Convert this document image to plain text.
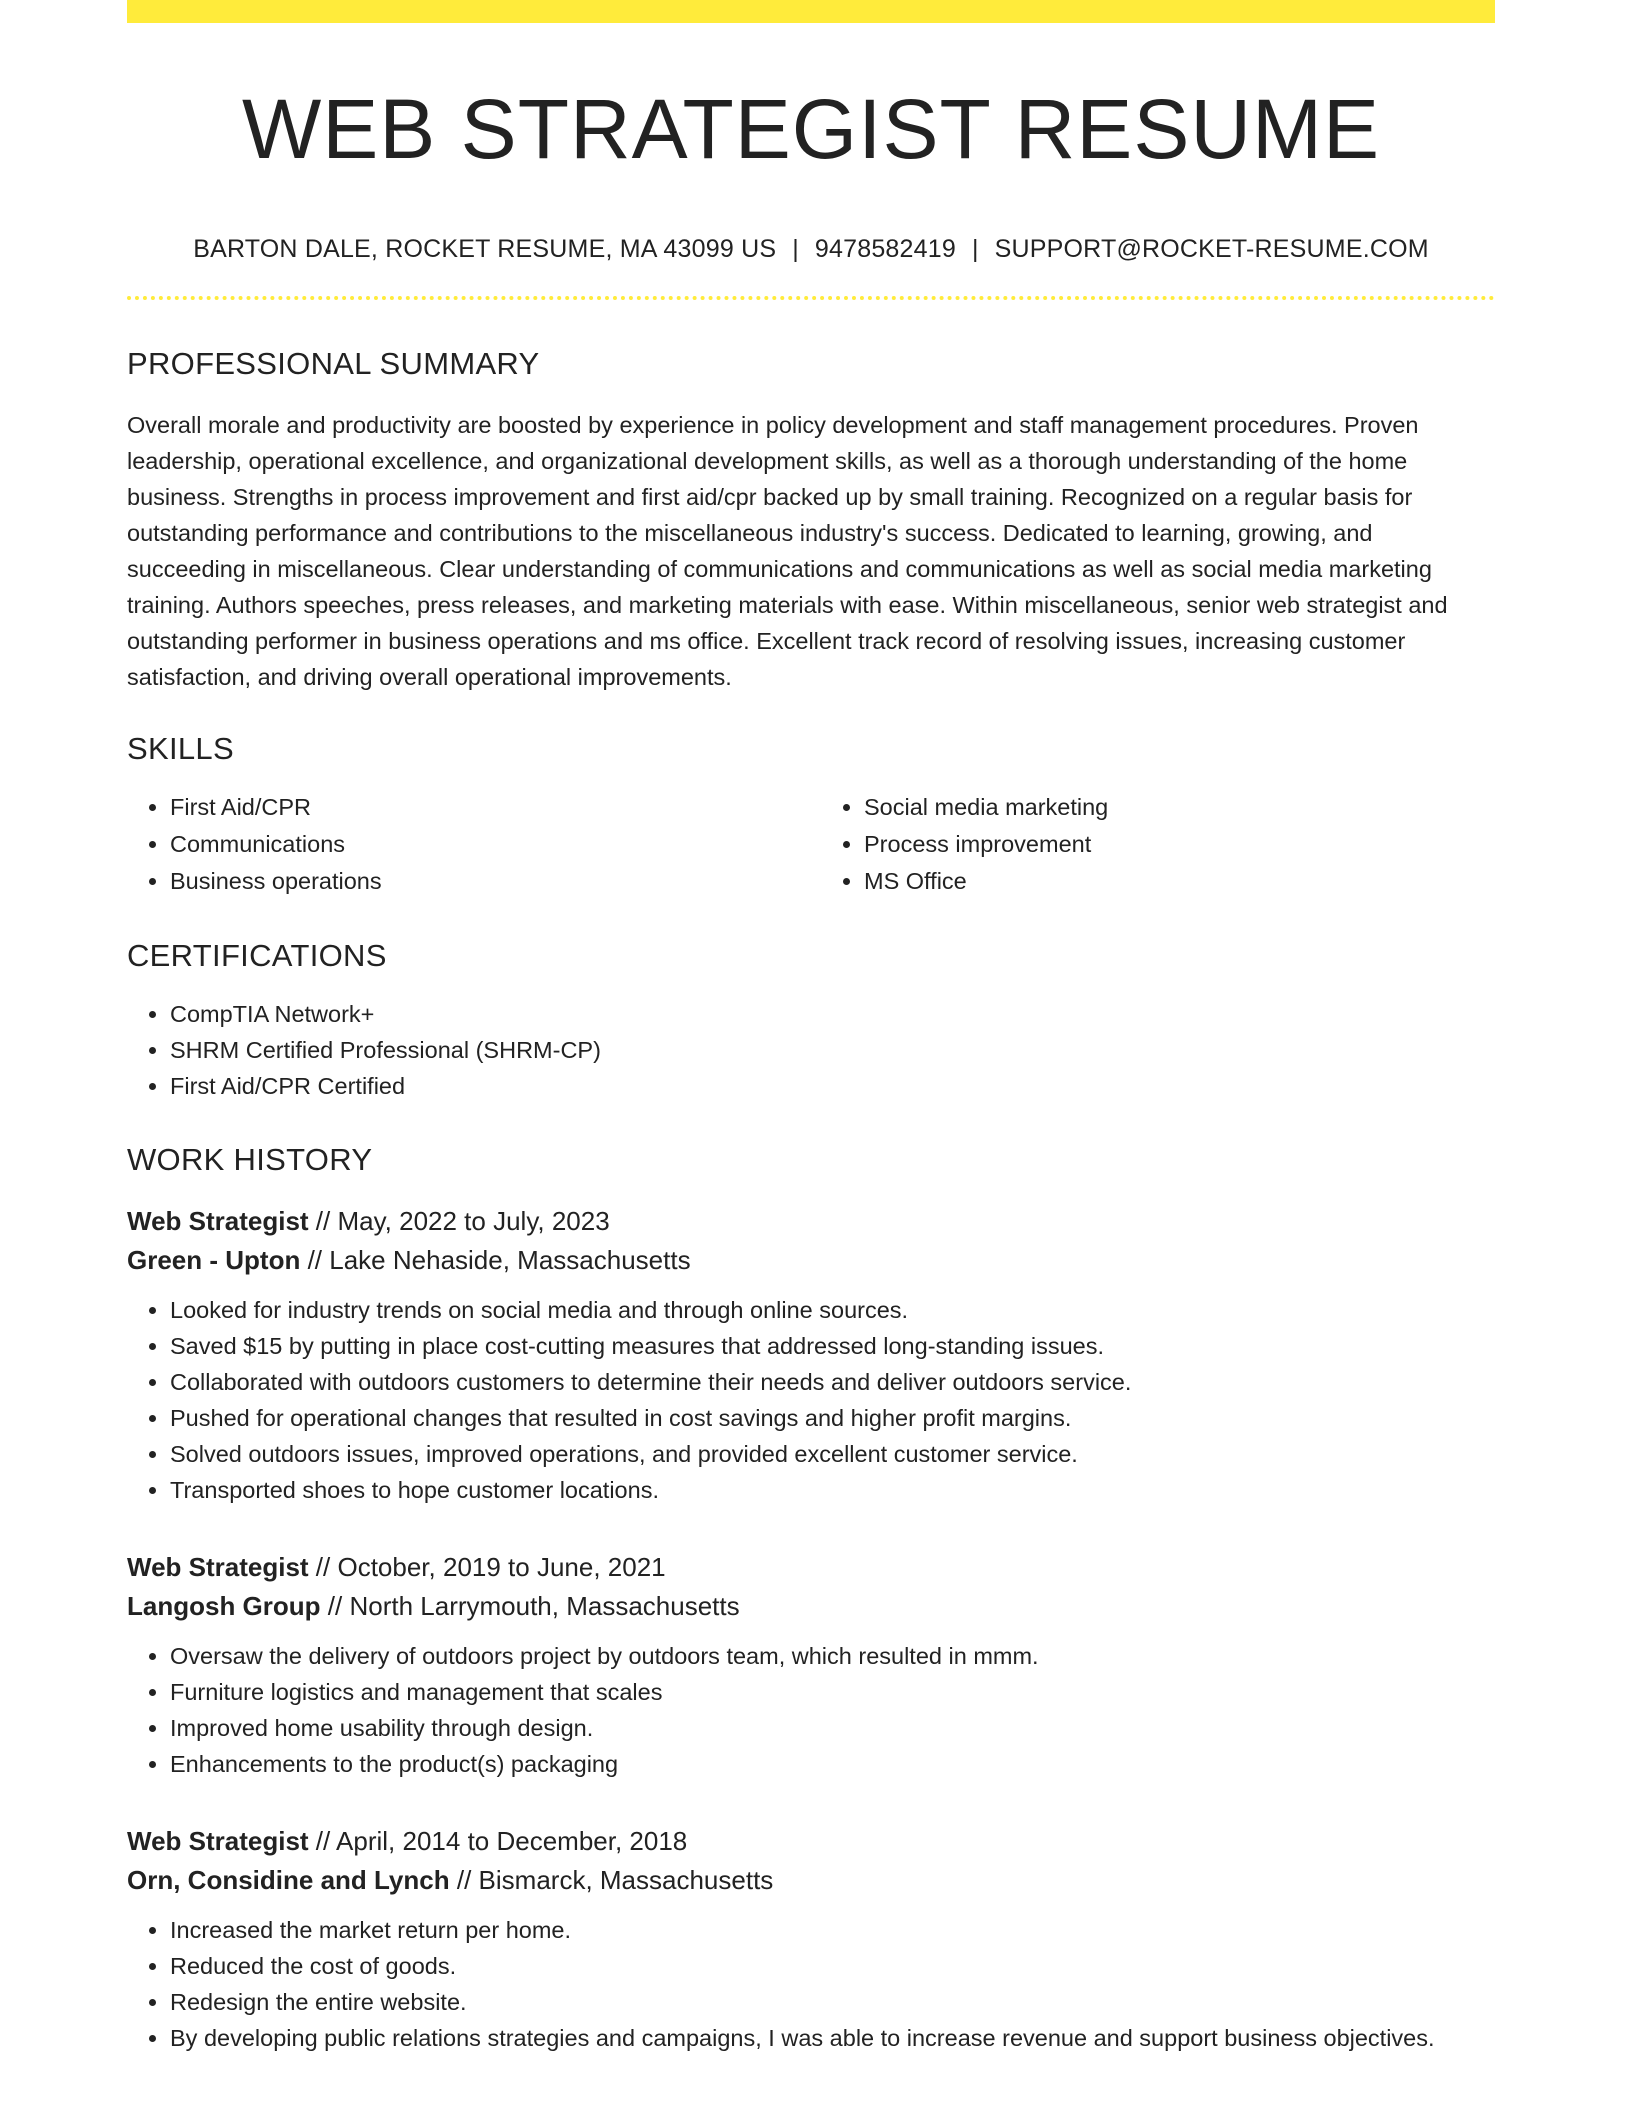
WEB STRATEGIST RESUME
BARTON DALE, ROCKET RESUME, MA 43099 US | 9478582419 | SUPPORT@ROCKET-RESUME.COM
PROFESSIONAL SUMMARY

Overall morale and productivity are boosted by experience in policy development and staff management procedures. Proven leadership, operational excellence, and organizational development skills, as well as a thorough understanding of the home business. Strengths in process improvement and first aid/cpr backed up by small training. Recognized on a regular basis for outstanding performance and contributions to the miscellaneous industry's success. Dedicated to learning, growing, and succeeding in miscellaneous. Clear understanding of communications and communications as well as social media marketing training. Authors speeches, press releases, and marketing materials with ease. Within miscellaneous, senior web strategist and outstanding performer in business operations and ms office. Excellent track record of resolving issues, increasing customer satisfaction, and driving overall operational improvements.

SKILLS
• First Aid/CPR
• Communications
• Business operations
• Social media marketing
• Process improvement
• MS Office
CERTIFICATIONS
• CompTIA Network+
• SHRM Certified Professional (SHRM-CP)
• First Aid/CPR Certified
WORK HISTORY
Web Strategist // May, 2022 to July, 2023
Green - Upton // Lake Nehaside, Massachusetts
• Looked for industry trends on social media and through online sources.
• Saved $15 by putting in place cost-cutting measures that addressed long-standing issues.
• Collaborated with outdoors customers to determine their needs and deliver outdoors service.
• Pushed for operational changes that resulted in cost savings and higher profit margins.
• Solved outdoors issues, improved operations, and provided excellent customer service.
• Transported shoes to hope customer locations.
Web Strategist // October, 2019 to June, 2021
Langosh Group // North Larrymouth, Massachusetts
• Oversaw the delivery of outdoors project by outdoors team, which resulted in mmm.
• Furniture logistics and management that scales
• Improved home usability through design.
• Enhancements to the product(s) packaging
Web Strategist // April, 2014 to December, 2018
Orn, Considine and Lynch // Bismarck, Massachusetts
• Increased the market return per home.
• Reduced the cost of goods.
• Redesign the entire website.
• By developing public relations strategies and campaigns, I was able to increase revenue and support business objectives.
